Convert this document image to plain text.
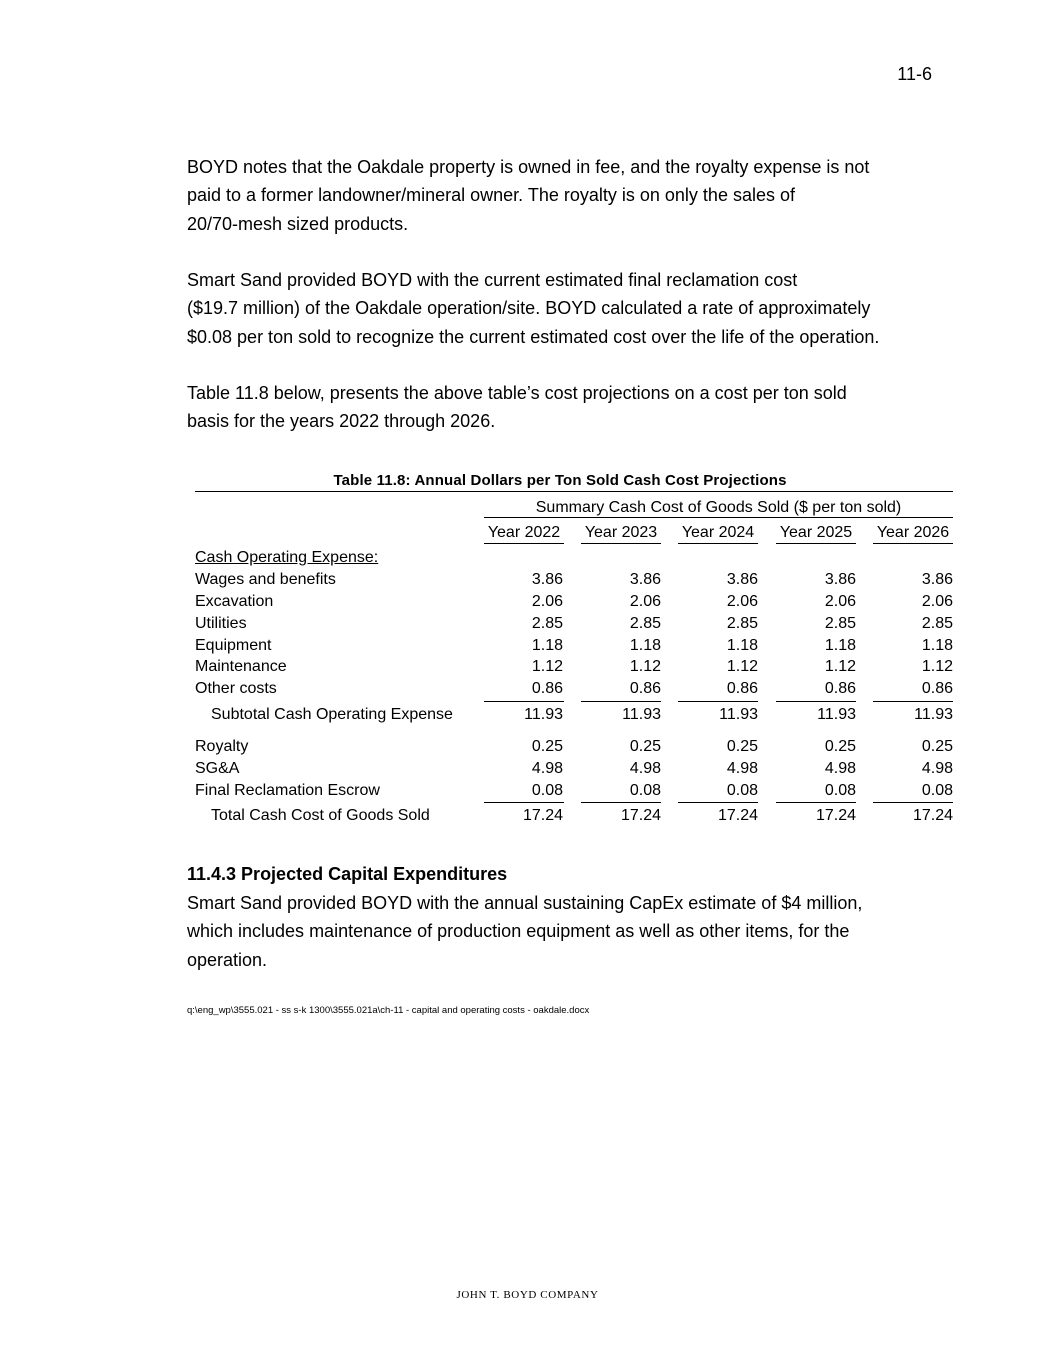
11-6

BOYD notes that the Oakdale property is owned in fee, and the royalty expense is not
paid to a former landowner/mineral owner. The royalty is on only the sales of
20/70-mesh sized products.

Smart Sand provided BOYD with the current estimated final reclamation cost
($19.7 million) of the Oakdale operation/site. BOYD calculated a rate of approximately
$0.08 per ton sold to recognize the current estimated cost over the life of the operation.

Table 11.8 below, presents the above table’s cost projections on a cost per ton sold
basis for the years 2022 through 2026.

Table 11.8: Annual Dollars per Ton Sold Cash Cost Projections
Summary Cash Cost of Goods Sold ($ per ton sold)
Year 2022 Year 2023 Year 2024 Year 2025 Year 2026
Cash Operating Expense:
Wages and benefits	3.86	3.86	3.86	3.86	3.86
Excavation	2.06	2.06	2.06	2.06	2.06
Utilities	2.85	2.85	2.85	2.85	2.85
Equipment	1.18	1.18	1.18	1.18	1.18
Maintenance	1.12	1.12	1.12	1.12	1.12
Other costs	0.86	0.86	0.86	0.86	0.86
Subtotal Cash Operating Expense	11.93	11.93	11.93	11.93	11.93
Royalty	0.25	0.25	0.25	0.25	0.25
SG&A	4.98	4.98	4.98	4.98	4.98
Final Reclamation Escrow	0.08	0.08	0.08	0.08	0.08
Total Cash Cost of Goods Sold	17.24	17.24	17.24	17.24	17.24
11.4.3 Projected Capital Expenditures

Smart Sand provided BOYD with the annual sustaining CapEx estimate of $4 million,
which includes maintenance of production equipment as well as other items, for the
operation.

q:\eng_wp\3555.021 - ss s-k 1300\3555.021a\ch-11 - capital and operating costs - oakdale.docx
JOHN T. BOYD COMPANY
